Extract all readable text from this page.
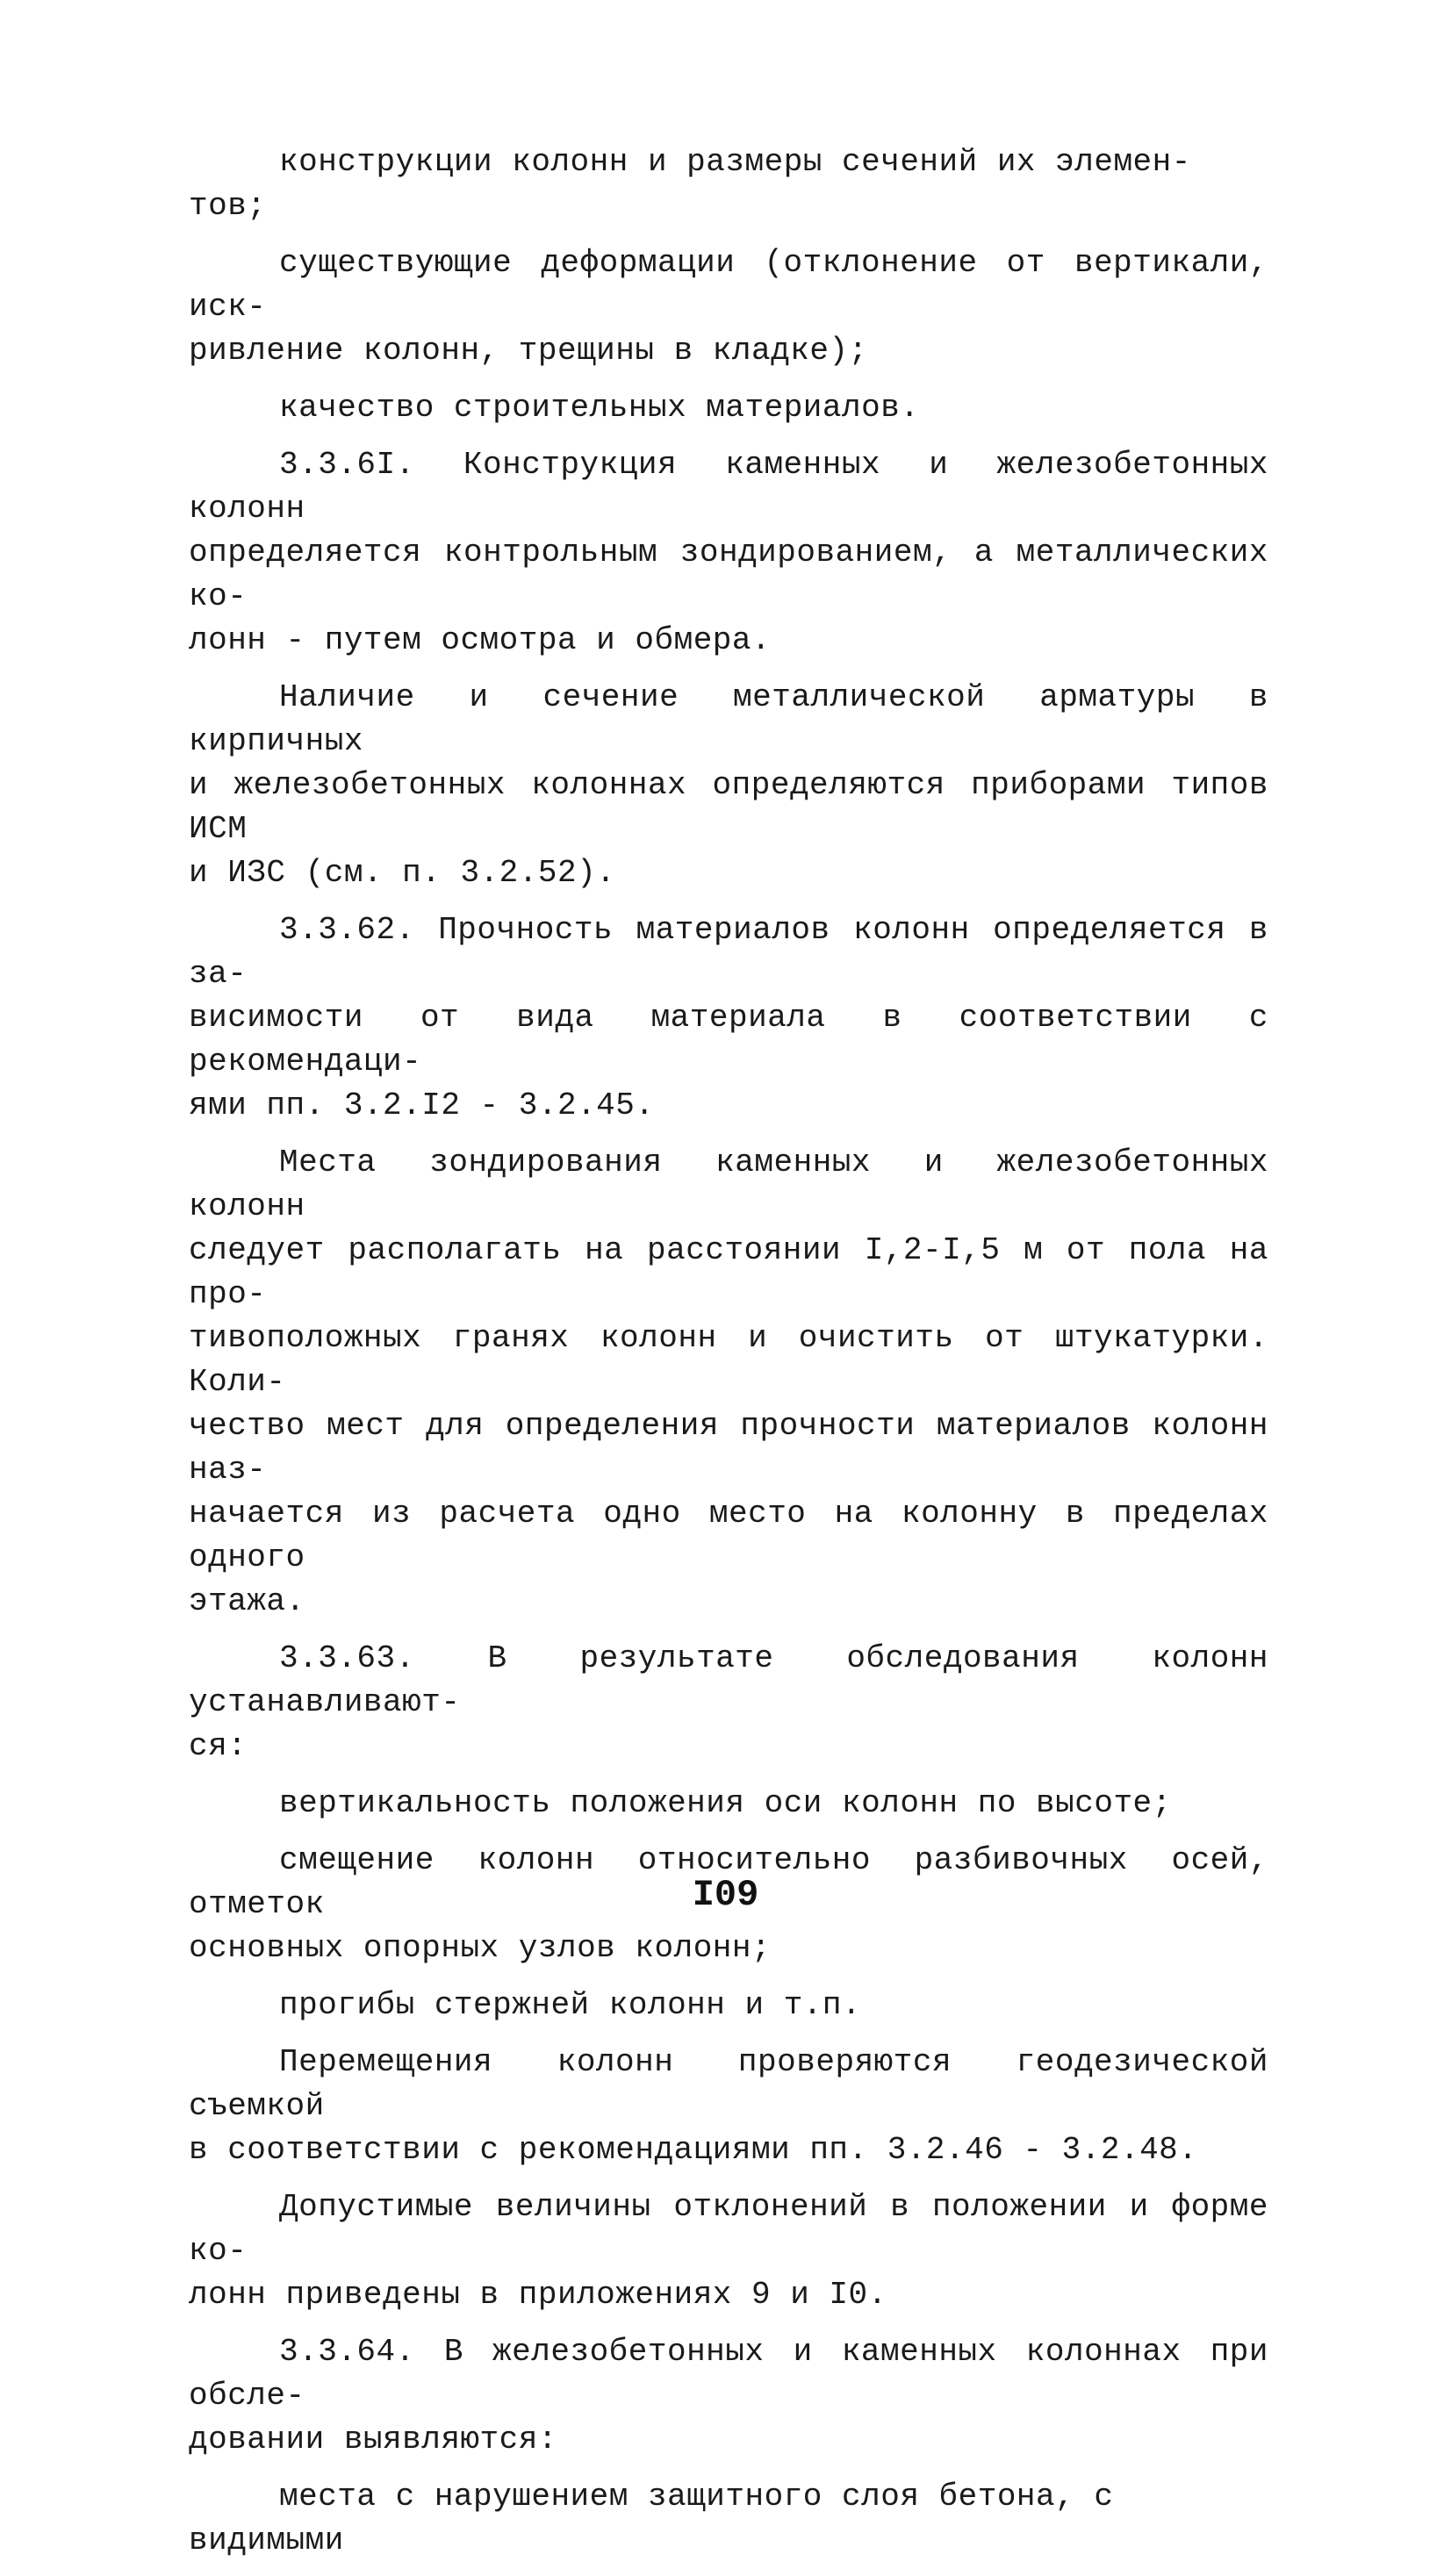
конструкции колонн и размеры сечений их элемен-
тов;

существующие деформации (отклонение от вертикали, иск-
ривление колонн, трещины в кладке);

качество строительных материалов.

3.3.6I. Конструкция каменных и железобетонных колонн
определяется контрольным зондированием, а металлических ко-
лонн - путем осмотра и обмера.

Наличие и сечение металлической арматуры в кирпичных
и железобетонных колоннах определяются приборами типов ИСМ
и ИЗС (см. п. 3.2.52).

3.3.62. Прочность материалов колонн определяется в за-
висимости от вида материала в соответствии с рекомендаци-
ями пп. 3.2.I2 - 3.2.45.

Места зондирования каменных и железобетонных колонн
следует располагать на расстоянии I,2-I,5 м от пола на про-
тивоположных гранях колонн и очистить от штукатурки. Коли-
чество мест для определения прочности материалов колонн наз-
начается из расчета одно место на колонну в пределах одного
этажа.

3.3.63. В результате обследования колонн устанавливают-
ся:

вертикальность положения оси колонн по высоте;

смещение колонн относительно разбивочных осей, отметок
основных опорных узлов колонн;

прогибы стержней колонн и т.п.

Перемещения колонн проверяются геодезической съемкой
в соответствии с рекомендациями пп. 3.2.46 - 3.2.48.

Допустимые величины отклонений в положении и форме ко-
лонн приведены в приложениях 9 и I0.

3.3.64. В железобетонных и каменных колоннах при обсле-
довании выявляются:

места с нарушением защитного слоя бетона, с видимыми

I09
